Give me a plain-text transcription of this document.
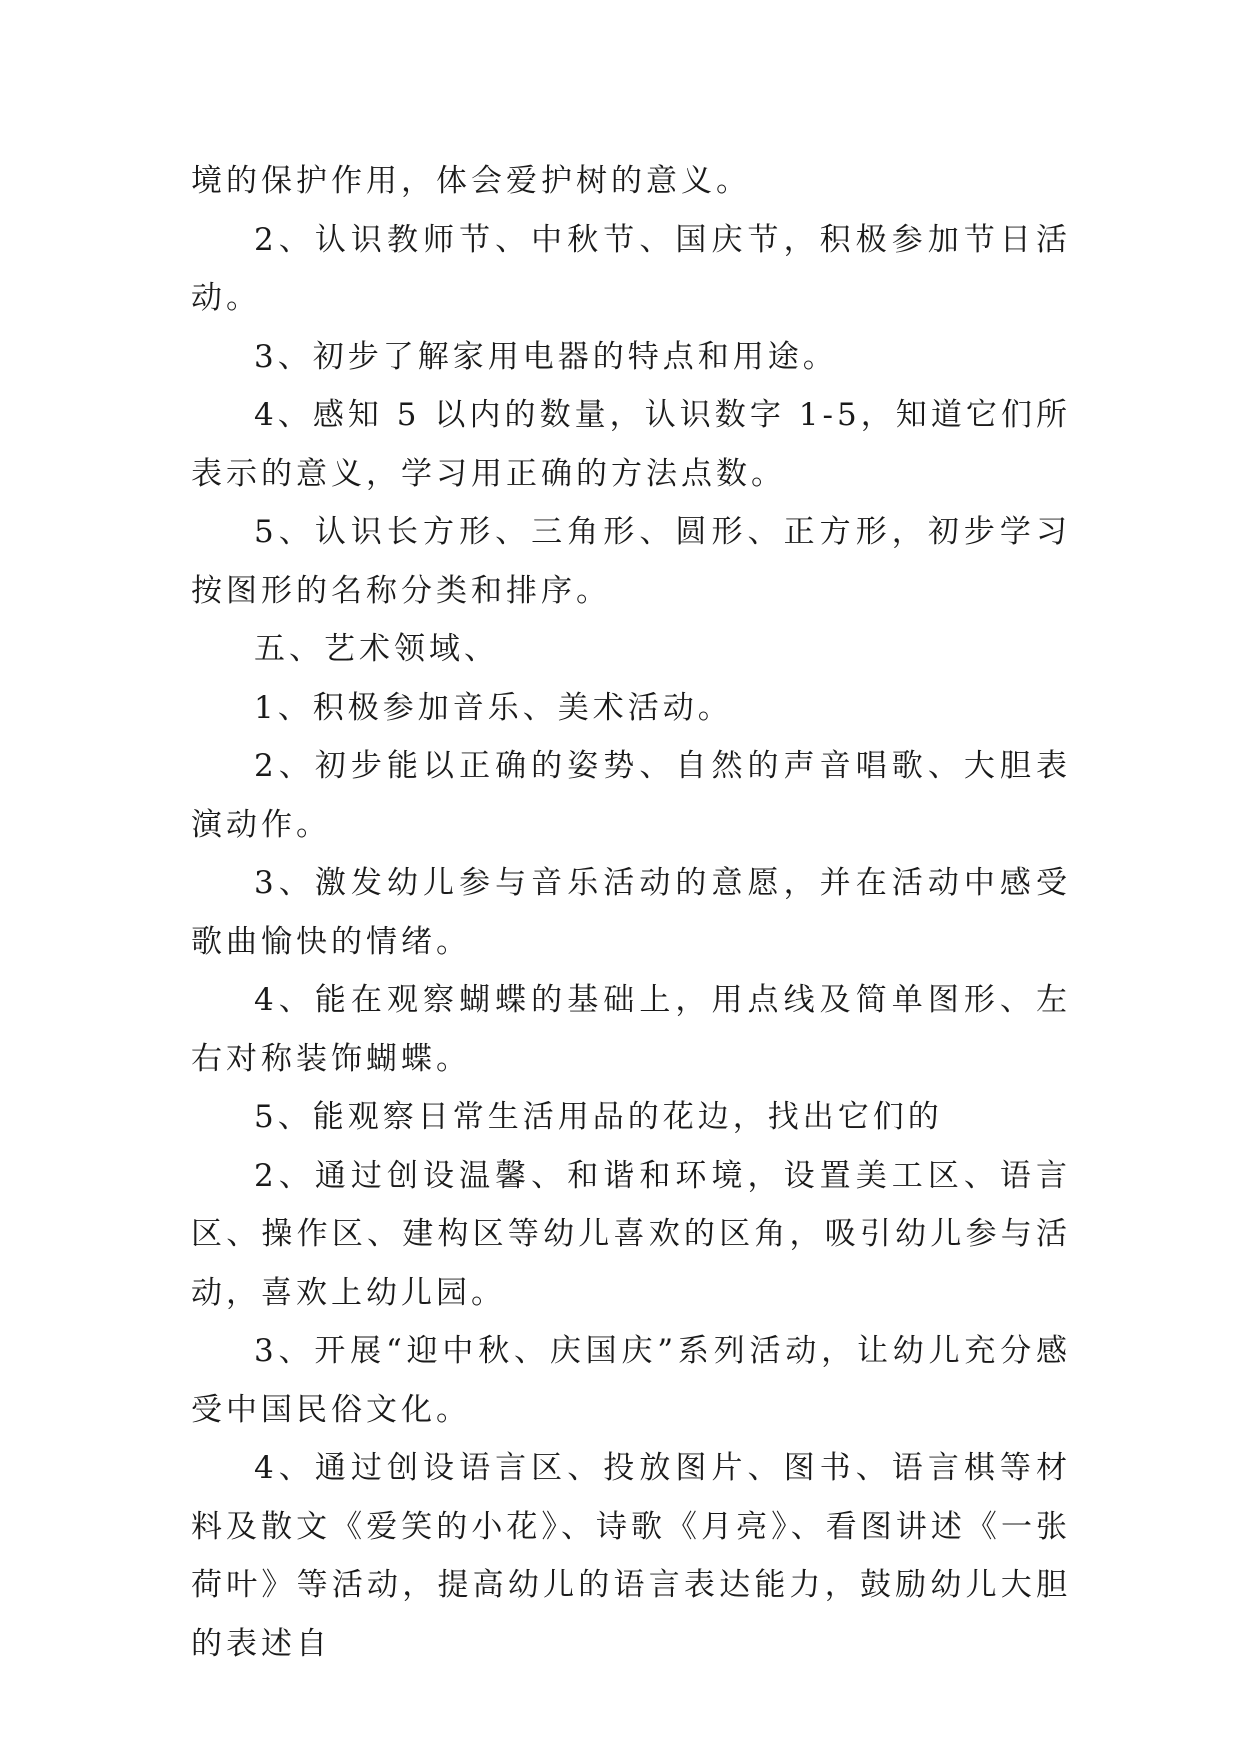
境的保护作用，体会爱护树的意义。

2、认识教师节、中秋节、国庆节，积极参加节日活动。

3、初步了解家用电器的特点和用途。

4、感知 5 以内的数量，认识数字 1-5，知道它们所表示的意义，学习用正确的方法点数。

5、认识长方形、三角形、圆形、正方形，初步学习按图形的名称分类和排序。

五、艺术领域、

1、积极参加音乐、美术活动。

2、初步能以正确的姿势、自然的声音唱歌、大胆表演动作。

3、激发幼儿参与音乐活动的意愿，并在活动中感受歌曲愉快的情绪。

4、能在观察蝴蝶的基础上，用点线及简单图形、左右对称装饰蝴蝶。

5、能观察日常生活用品的花边，找出它们的

2、通过创设温馨、和谐和环境，设置美工区、语言区、操作区、建构区等幼儿喜欢的区角，吸引幼儿参与活动，喜欢上幼儿园。

3、开展“迎中秋、庆国庆”系列活动，让幼儿充分感受中国民俗文化。

4、通过创设语言区、投放图片、图书、语言棋等材料及散文《爱笑的小花》、诗歌《月亮》、看图讲述《一张荷叶》等活动，提高幼儿的语言表达能力，鼓励幼儿大胆的表述自
